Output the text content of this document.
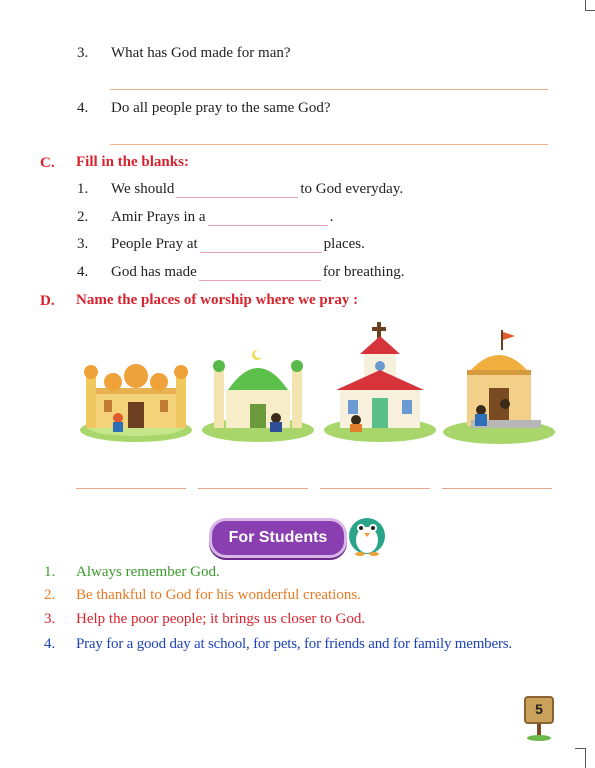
3. What has God made for man?
4. Do all people pray to the same God?
C. Fill in the blanks:
1. We should	to God everyday.
2. Amir Prays in a	.
3. People Pray at	places.
4. God has made	for breathing.
D. Name the places of worship where we pray :
For Students
1. Always remember God.
2. Be thankful to God for his wonderful creations.
3. Help the poor people; it brings us closer to God.
4. Pray for a good day at school, for pets, for friends and for family members.
5
